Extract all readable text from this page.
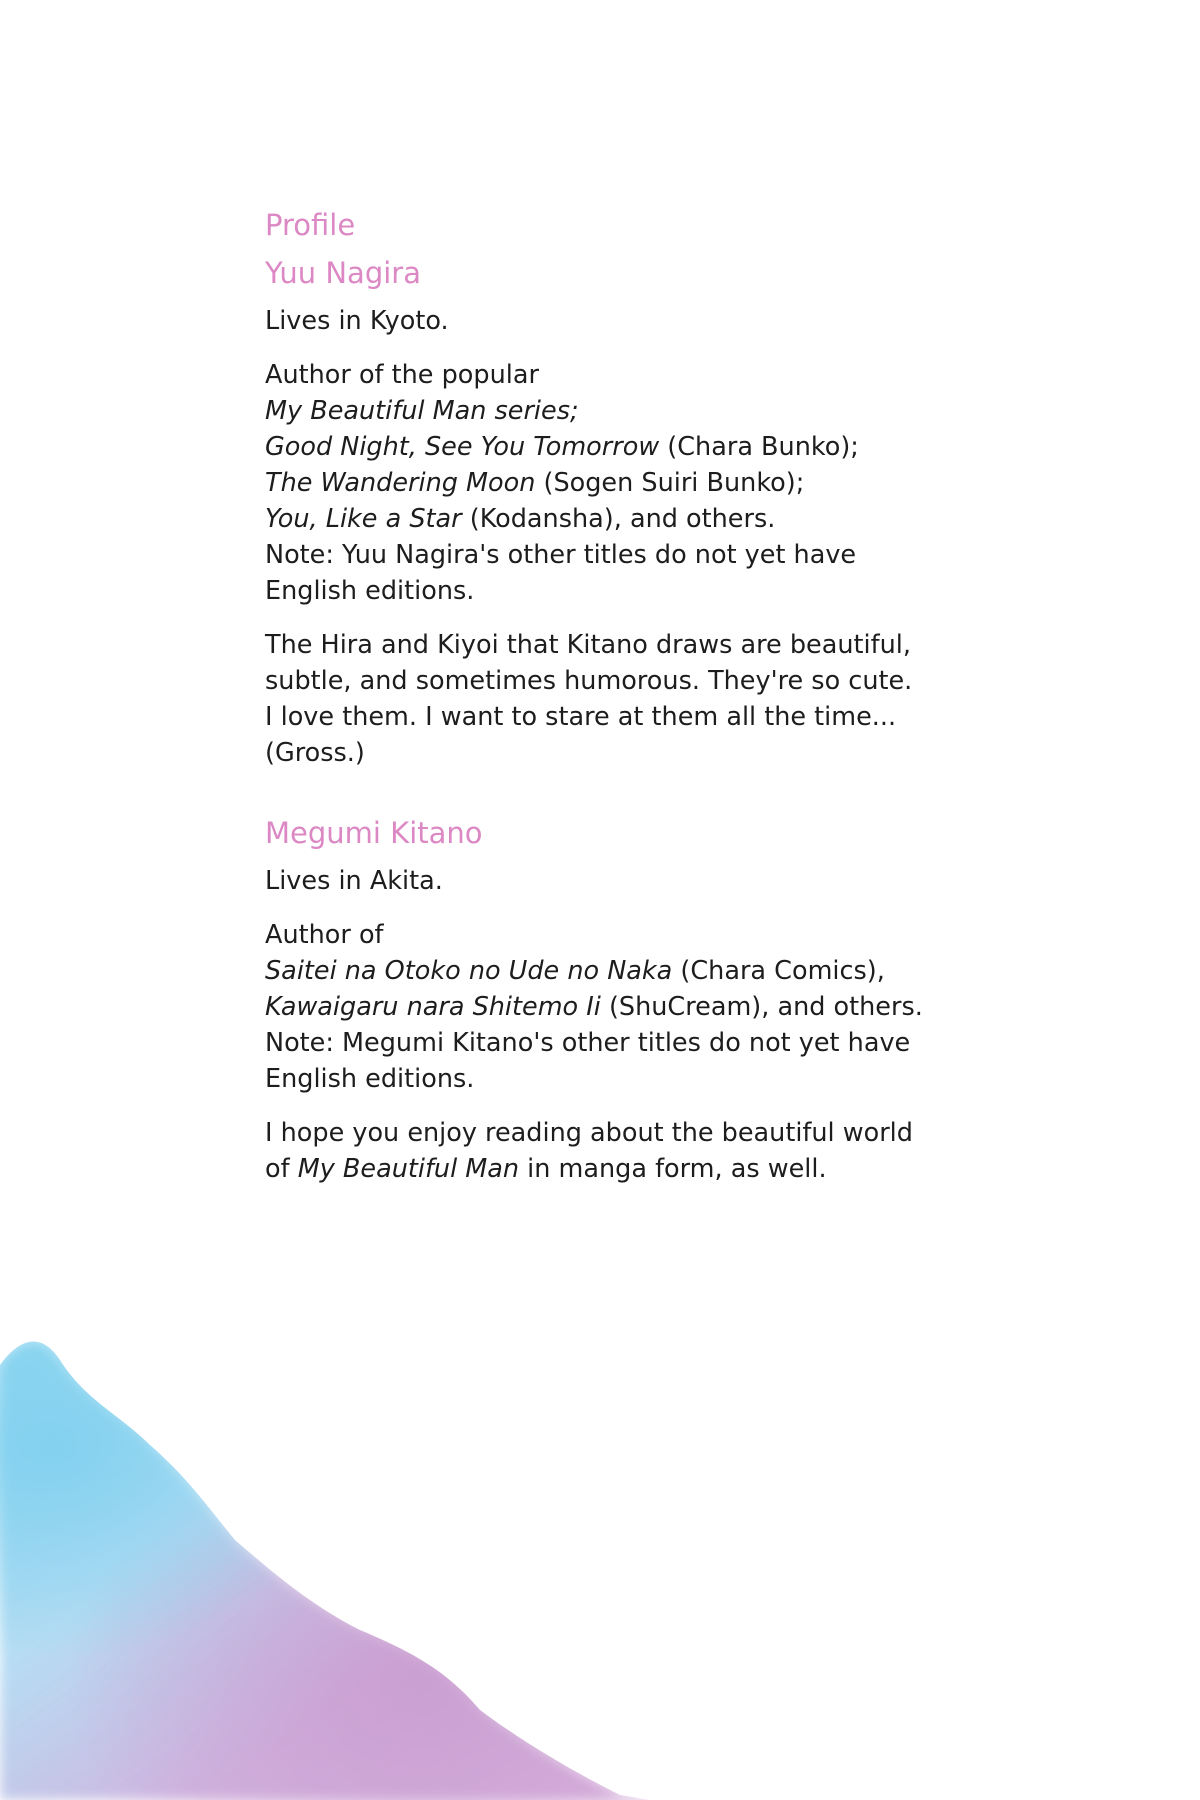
Profile
Yuu Nagira
Lives in Kyoto.
Author of the popular
My Beautiful Man series;
Good Night, See You Tomorrow (Chara Bunko);
The Wandering Moon (Sogen Suiri Bunko);
You, Like a Star (Kodansha), and others.
Note: Yuu Nagira's other titles do not yet have
English editions.
The Hira and Kiyoi that Kitano draws are beautiful,
subtle, and sometimes humorous. They're so cute.
I love them. I want to stare at them all the time...
(Gross.)
Megumi Kitano
Lives in Akita.
Author of
Saitei na Otoko no Ude no Naka (Chara Comics),
Kawaigaru nara Shitemo Ii (ShuCream), and others.
Note: Megumi Kitano's other titles do not yet have
English editions.
I hope you enjoy reading about the beautiful world
of My Beautiful Man in manga form, as well.
